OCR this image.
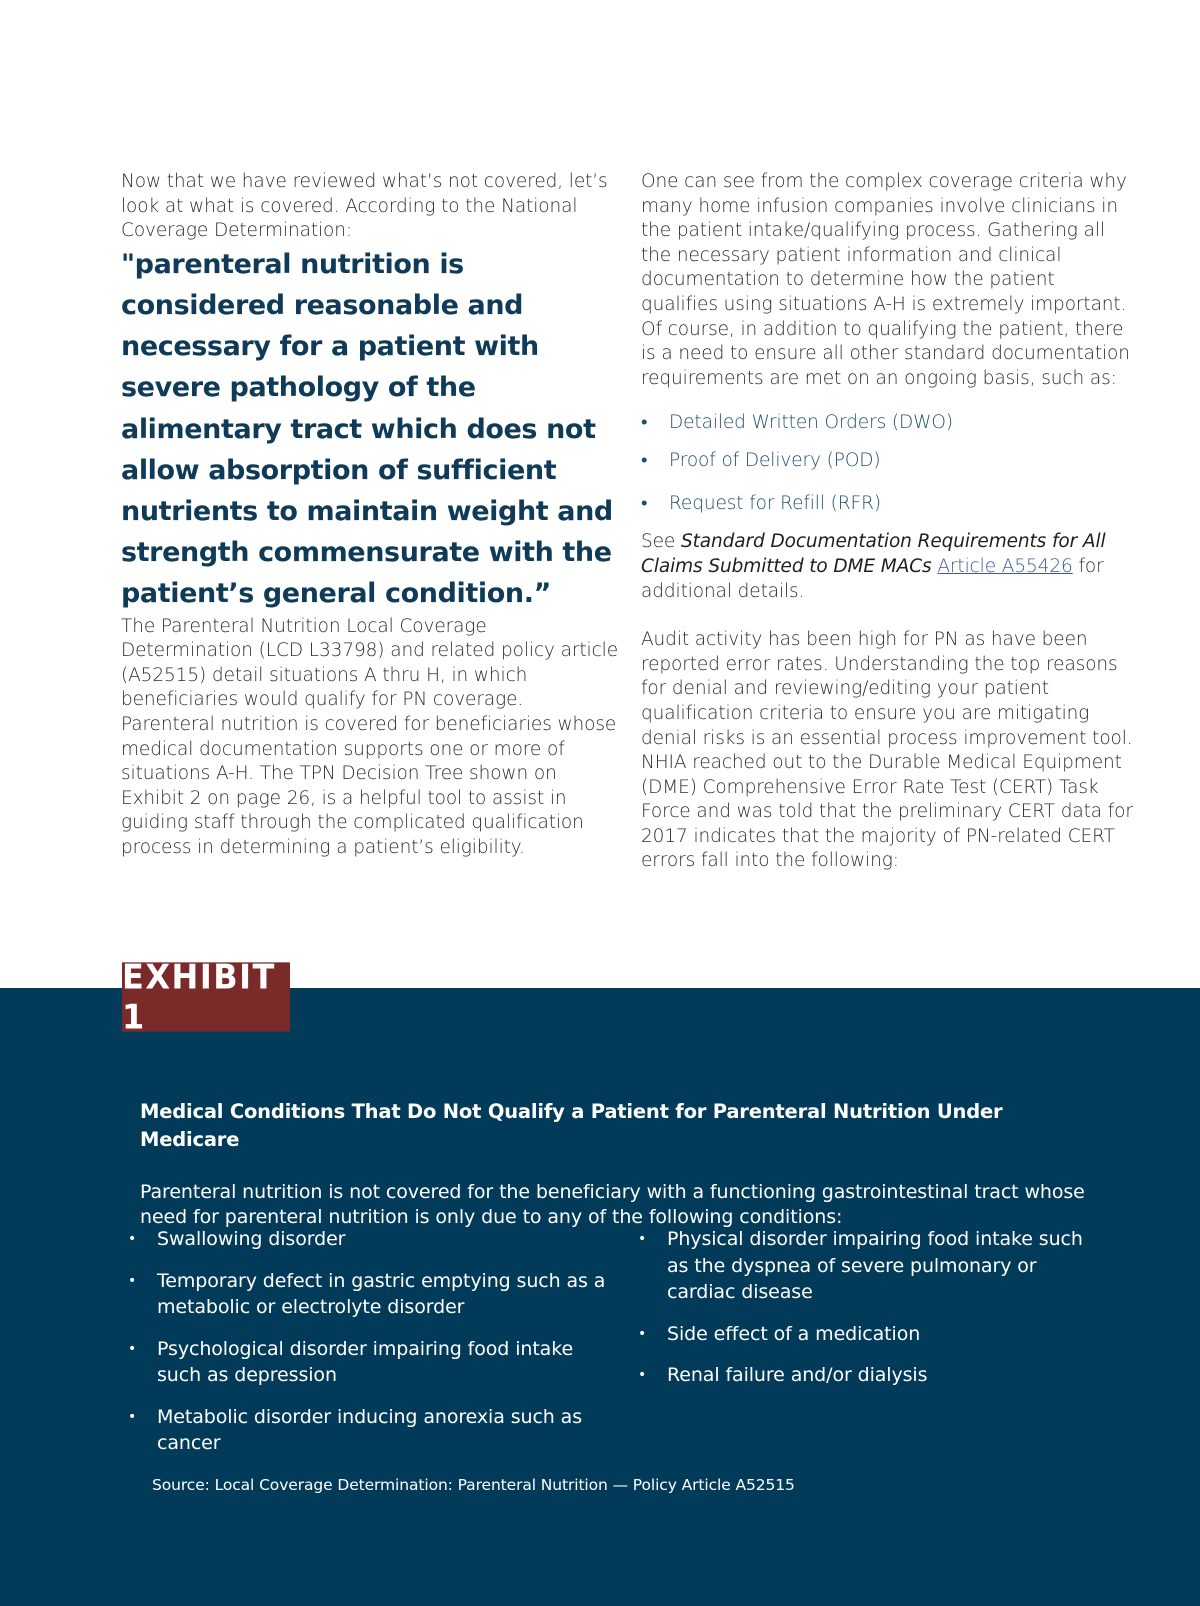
Now that we have reviewed what’s not covered, let’s look at what is covered. According to the National Coverage Determination:

"parenteral nutrition is considered reasonable and necessary for a patient with severe pathology of the alimentary tract which does not allow absorption of sufficient nutrients to maintain weight and strength commensurate with the patient’s general condition.”

The Parenteral Nutrition Local Coverage Determination (LCD L33798) and related policy article (A52515) detail situations A thru H, in which beneficiaries would qualify for PN coverage. Parenteral nutrition is covered for beneficiaries whose medical documentation supports one or more of situations A-H. The TPN Decision Tree shown on Exhibit 2 on page 26, is a helpful tool to assist in guiding staff through the complicated qualification process in determining a patient’s eligibility.

One can see from the complex coverage criteria why many home infusion companies involve clinicians in the patient intake/qualifying process. Gathering all the necessary patient information and clinical documentation to determine how the patient qualifies using situations A-H is extremely important. Of course, in addition to qualifying the patient, there is a need to ensure all other standard documentation requirements are met on an ongoing basis, such as:

• Detailed Written Orders (DWO)
• Proof of Delivery (POD)
• Request for Refill (RFR)

See Standard Documentation Requirements for All Claims Submitted to DME MACs Article A55426 for additional details.

Audit activity has been high for PN as have been reported error rates. Understanding the top reasons for denial and reviewing/editing your patient qualification criteria to ensure you are mitigating denial risks is an essential process improvement tool. NHIA reached out to the Durable Medical Equipment (DME) Comprehensive Error Rate Test (CERT) Task Force and was told that the preliminary CERT data for 2017 indicates that the majority of PN-related CERT errors fall into the following:

EXHIBIT 1
Medical Conditions That Do Not Qualify a Patient for Parenteral Nutrition Under Medicare

Parenteral nutrition is not covered for the beneficiary with a functioning gastrointestinal tract whose need for parenteral nutrition is only due to any of the following conditions:

• Swallowing disorder
• Temporary defect in gastric emptying such as a metabolic or electrolyte disorder
• Psychological disorder impairing food intake such as depression
• Metabolic disorder inducing anorexia such as cancer
• Physical disorder impairing food intake such as the dyspnea of severe pulmonary or cardiac disease
• Side effect of a medication
• Renal failure and/or dialysis
Source: Local Coverage Determination: Parenteral Nutrition — Policy Article A52515
